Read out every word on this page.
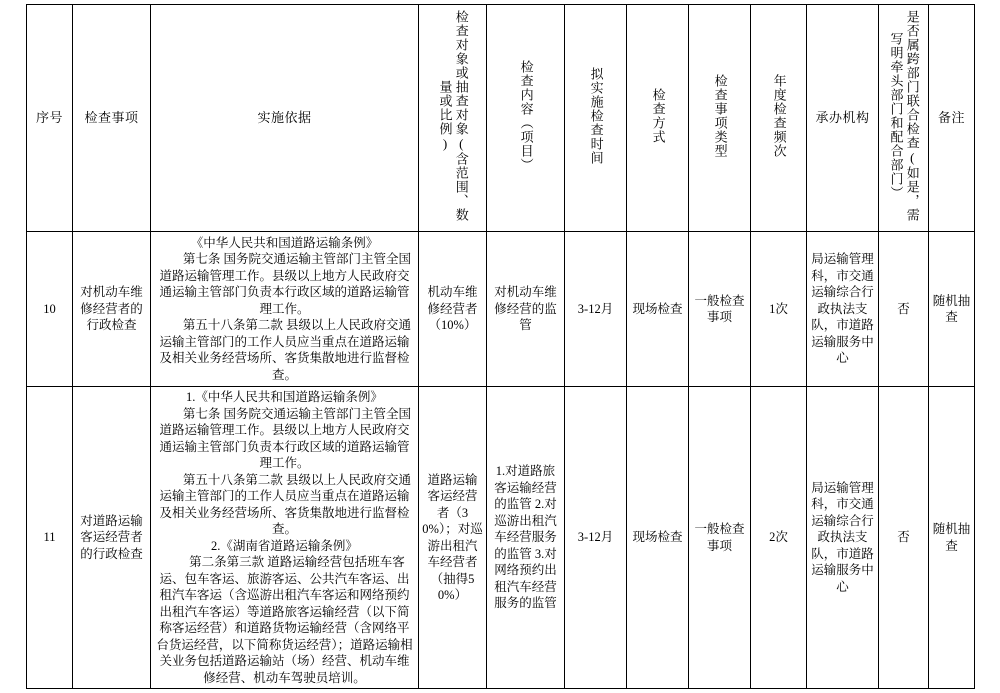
序号	检查事项	实施依据	检查对象或抽查对象(含范围、数量或比例)	检查内容（项目）	拟实施检查时间	检查方式	检查事项类型	年度检查频次	承办机构	是否属跨部门联合检查(如是，需写明牵头部门和配合部门）	备注

10	对机动车维修经营者的行政检查	《中华人民共和国道路运输条例》

第七条 国务院交通运输主管部门主管全国道路运输管理工作。县级以上地方人民政府交通运输主管部门负责本行政区域的道路运输管理工作。

第五十八条第二款 县级以上人民政府交通运输主管部门的工作人员应当重点在道路运输及相关业务经营场所、客货集散地进行监督检查。	机动车维修经营者（10%）	对机动车维修经营的监管	3-12月	现场检查	一般检查事项	1次	局运输管理科，市交通运输综合行政执法支队，市道路运输服务中心	否	随机抽查
11	对道路运输客运经营者的行政检查	1.《中华人民共和国道路运输条例》

第七条 国务院交通运输主管部门主管全国道路运输管理工作。县级以上地方人民政府交通运输主管部门负责本行政区域的道路运输管理工作。

第五十八条第二款 县级以上人民政府交通运输主管部门的工作人员应当重点在道路运输及相关业务经营场所、客货集散地进行监督检查。

2.《湖南省道路运输条例》

第二条第三款 道路运输经营包括班车客运、包车客运、旅游客运、公共汽车客运、出租汽车客运（含巡游出租汽车客运和网络预约出租汽车客运）等道路旅客运输经营（以下简称客运经营）和道路货物运输经营（含网络平台货运经营，以下简称货运经营）；道路运输相关业务包括道路运输站（场）经营、机动车维修经营、机动车驾驶员培训。	道路运输客运经营者（30%）；对巡游出租汽车经营者（抽得50%）	1.对道路旅客运输经营的监管 2.对巡游出租汽车经营服务的监管 3.对网络预约出租汽车经营服务的监管	3-12月	现场检查	一般检查事项	2次	局运输管理科，市交通运输综合行政执法支队，市道路运输服务中心	否	随机抽查
